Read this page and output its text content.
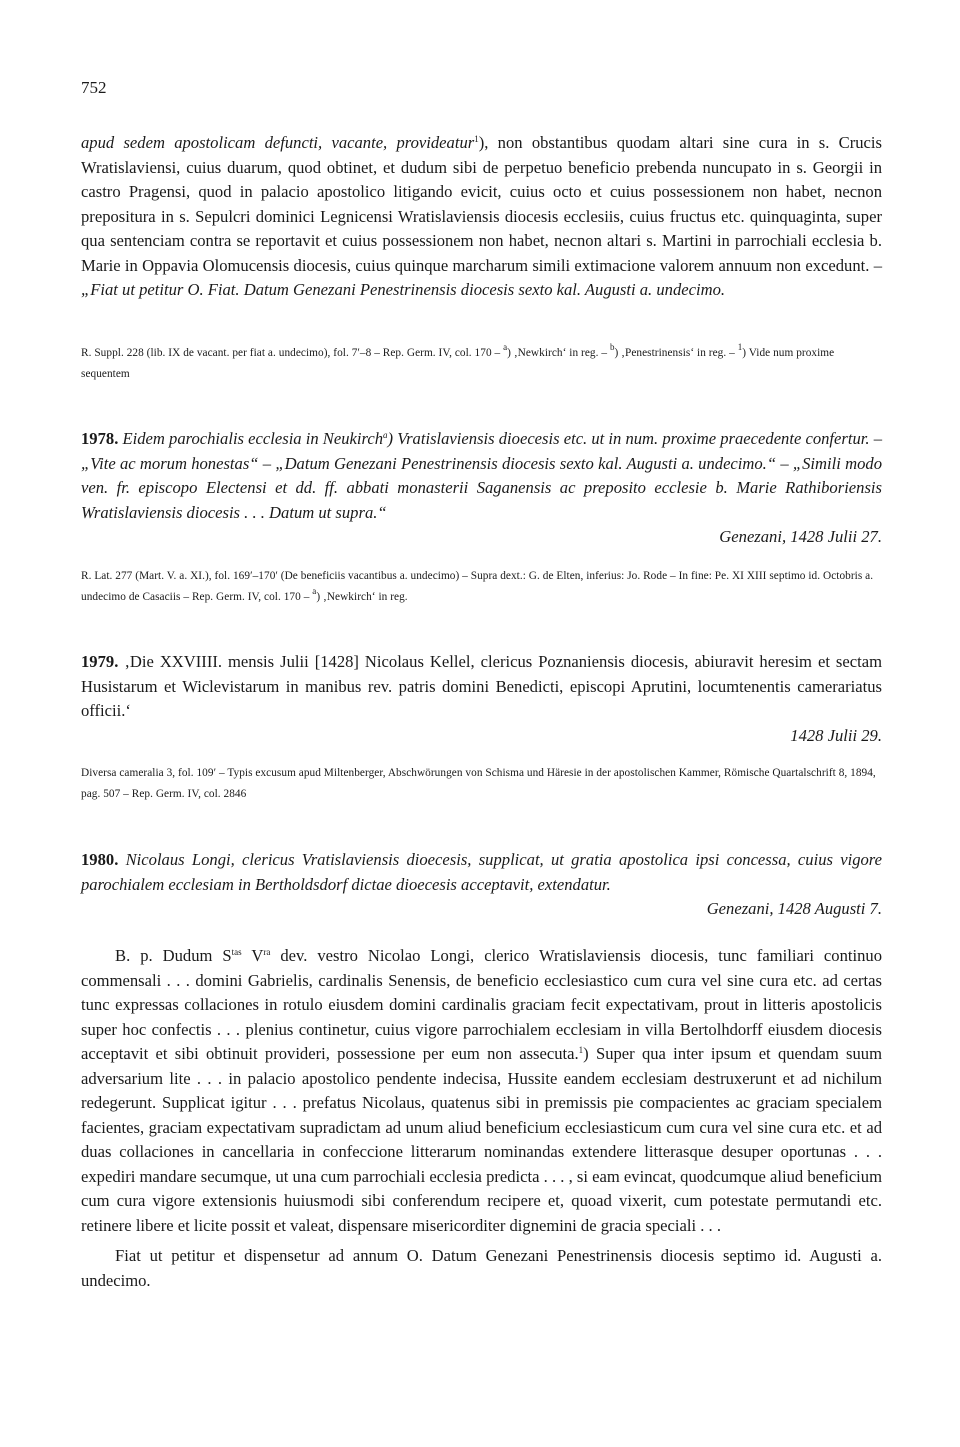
752

apud sedem apostolicam defuncti, vacante, provideatur$^1$), non obstantibus quodam altari sine cura in s. Crucis Wratislaviensi, cuius duarum, quod obtinet, et dudum sibi de perpetuo beneficio prebenda nuncupato in s. Georgii in castro Pragensi, quod in palacio apostolico litigando evicit, cuius octo et cuius possessionem non habet, necnon prepositura in s. Sepulcri dominici Legnicensi Wratislaviensis diocesis ecclesiis, cuius fructus etc. quinquaginta, super qua sentenciam contra se reportavit et cuius possessionem non habet, necnon altari s. Martini in parrochiali ecclesia b. Marie in Oppavia Olomucensis diocesis, cuius quinque marcharum simili extimacione valorem annuum non excedunt. – „Fiat ut petitur O. Fiat. Datum Genezani Penestrinensis diocesis sexto kal. Augusti a. undecimo.

R. Suppl. 228 (lib. IX de vacant. per fiat a. undecimo), fol. 7′–8 – Rep. Germ. IV, col. 170 – $^a$) ‚Newkirch‘ in reg. – $^b$) ‚Penestrinensis‘ in reg. – $^1$) Vide num proxime sequentem

1978. Eidem parochialis ecclesia in Neukirch$^a$) Vratislaviensis dioecesis etc. ut in num. proxime praecedente confertur. – „Vite ac morum honestas“ – „Datum Genezani Penestrinensis diocesis sexto kal. Augusti a. undecimo.“ – „Simili modo ven. fr. episcopo Electensi et dd. ff. abbati monasterii Saganensis ac preposito ecclesie b. Marie Rathiboriensis Wratislaviensis diocesis . . . Datum ut supra.“

Genezani, 1428 Julii 27.

R. Lat. 277 (Mart. V. a. XI.), fol. 169′–170′ (De beneficiis vacantibus a. undecimo) – Supra dext.: G. de Elten, inferius: Jo. Rode – In fine: Pe. XI XIII septimo id. Octobris a. undecimo de Casaciis – Rep. Germ. IV, col. 170 – $^a$) ‚Newkirch‘ in reg.

1979. ‚Die XXVIIII. mensis Julii [1428] Nicolaus Kellel, clericus Poznaniensis diocesis, abiuravit heresim et sectam Husistarum et Wiclevistarum in manibus rev. patris domini Benedicti, episcopi Aprutini, locumtenentis camerariatus officii.‘

1428 Julii 29.

Diversa cameralia 3, fol. 109′ – Typis excusum apud Miltenberger, Abschwörungen von Schisma und Häresie in der apostolischen Kammer, Römische Quartalschrift 8, 1894, pag. 507 – Rep. Germ. IV, col. 2846

1980. Nicolaus Longi, clericus Vratislaviensis dioecesis, supplicat, ut gratia apostolica ipsi concessa, cuius vigore parochialem ecclesiam in Bertholdsdorf dictae dioecesis acceptavit, extendatur.

Genezani, 1428 Augusti 7.

B. p. Dudum $S^{tas}$ $V^{ra}$ dev. vestro Nicolao Longi, clerico Wratislaviensis diocesis, tunc familiari continuo commensali . . . domini Gabrielis, cardinalis Senensis, de beneficio ecclesiastico cum cura vel sine cura etc. ad certas tunc expressas collaciones in rotulo eiusdem domini cardinalis graciam fecit expectativam, prout in litteris apostolicis super hoc confectis . . . plenius continetur, cuius vigore parrochialem ecclesiam in villa Bertolhdorff eiusdem diocesis acceptavit et sibi obtinuit provideri, possessione per eum non assecuta.$^1$) Super qua inter ipsum et quendam suum adversarium lite . . . in palacio apostolico pendente indecisa, Hussite eandem ecclesiam destruxerunt et ad nichilum redegerunt. Supplicat igitur . . . prefatus Nicolaus, quatenus sibi in premissis pie compacientes ac graciam specialem facientes, graciam expectativam supradictam ad unum aliud beneficium ecclesiasticum cum cura vel sine cura etc. et ad duas collaciones in cancellaria in confeccione litterarum nominandas extendere litterasque desuper oportunas . . . expediri mandare secumque, ut una cum parrochiali ecclesia predicta . . . , si eam evincat, quodcumque aliud beneficium cum cura vigore extensionis huiusmodi sibi conferendum recipere et, quoad vixerit, cum potestate permutandi etc. retinere libere et licite possit et valeat, dispensare misericorditer dignemini de gracia speciali . . .

Fiat ut petitur et dispensetur ad annum O. Datum Genezani Penestrinensis diocesis septimo id. Augusti a. undecimo.
